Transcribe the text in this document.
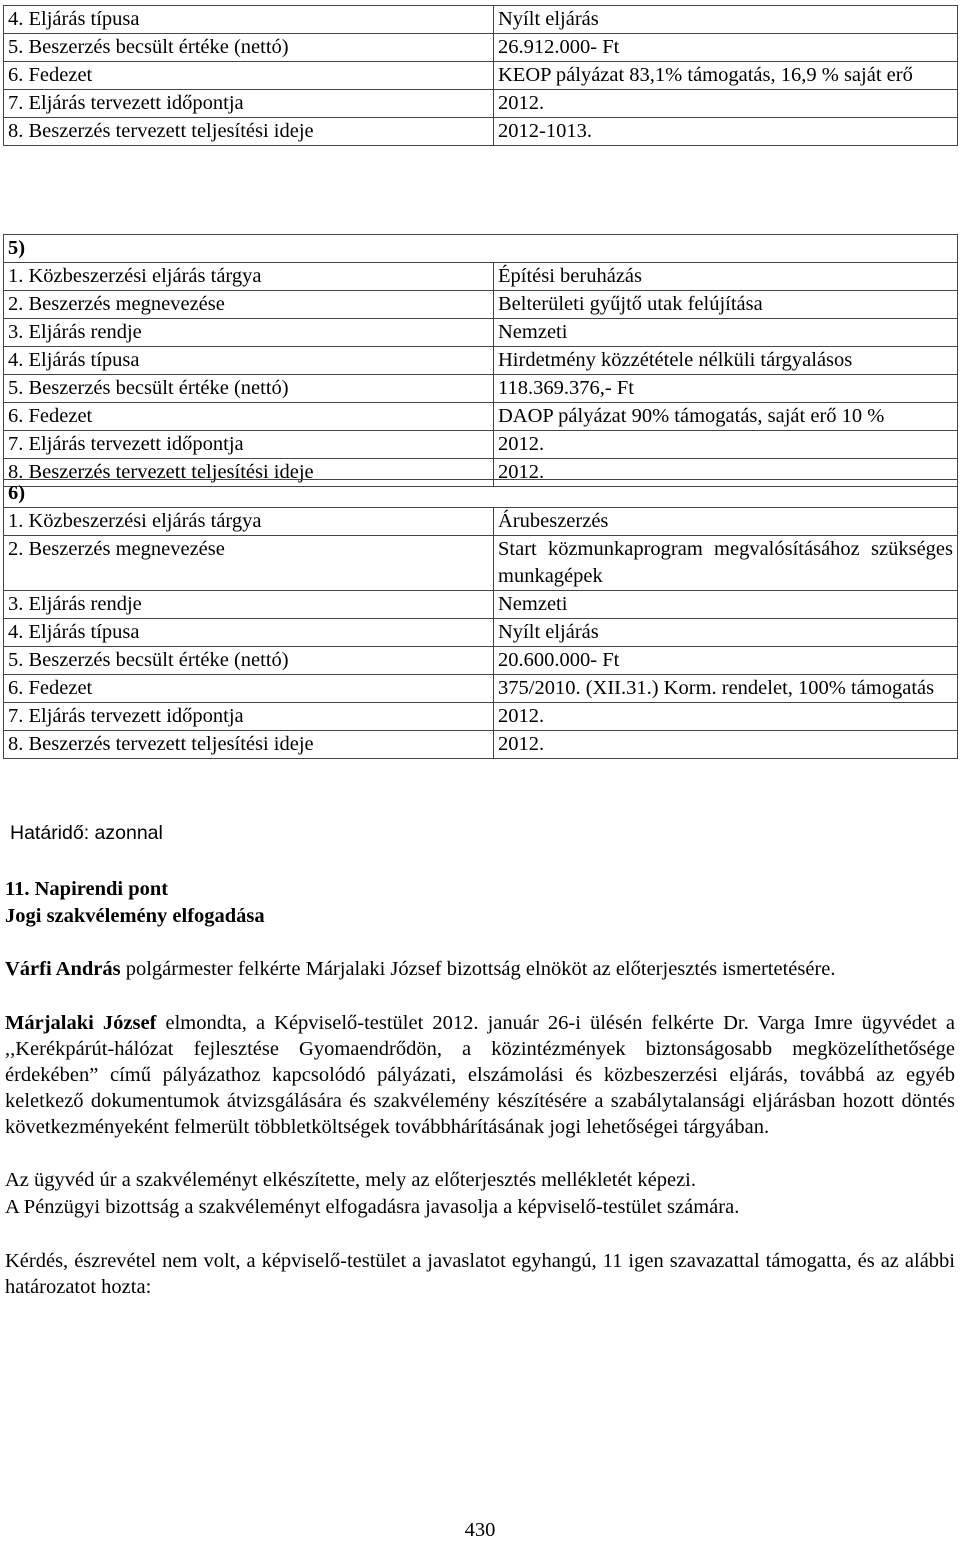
4. Eljárás típusa	Nyílt eljárás
5. Beszerzés becsült értéke (nettó)	26.912.000- Ft
6. Fedezet	KEOP pályázat 83,1% támogatás, 16,9 % saját erő
7. Eljárás tervezett időpontja	2012.
8. Beszerzés tervezett teljesítési ideje	2012-1013.
5)	
1. Közbeszerzési eljárás tárgya	Építési beruházás
2. Beszerzés megnevezése	Belterületi gyűjtő utak felújítása
3. Eljárás rendje	Nemzeti
4. Eljárás típusa	Hirdetmény közzététele nélküli tárgyalásos
5. Beszerzés becsült értéke (nettó)	118.369.376,- Ft
6. Fedezet	DAOP pályázat 90% támogatás, saját erő 10 %
7. Eljárás tervezett időpontja	2012.
8. Beszerzés tervezett teljesítési ideje	2012.
6)	
1. Közbeszerzési eljárás tárgya	Árubeszerzés
2. Beszerzés megnevezése	Start közmunkaprogram megvalósításához szükséges munkagépek
3. Eljárás rendje	Nemzeti
4. Eljárás típusa	Nyílt eljárás
5. Beszerzés becsült értéke (nettó)	20.600.000- Ft
6. Fedezet	375/2010. (XII.31.) Korm. rendelet, 100% támogatás
7. Eljárás tervezett időpontja	2012.
8. Beszerzés tervezett teljesítési ideje	2012.
Határidő: azonnal
11. Napirendi pont
Jogi szakvélemény elfogadása
Várfi András polgármester felkérte Márjalaki József bizottság elnököt az előterjesztés ismertetésére.
Márjalaki József elmondta, a Képviselő-testület 2012. január 26-i ülésén felkérte Dr. Varga Imre ügyvédet a ,,Kerékpárút-hálózat fejlesztése Gyomaendrődön, a közintézmények biztonságosabb megközelíthetősége érdekében” című pályázathoz kapcsolódó pályázati, elszámolási és közbeszerzési eljárás, továbbá az egyéb keletkező dokumentumok átvizsgálására és szakvélemény készítésére a szabálytalansági eljárásban hozott döntés következményeként felmerült többletköltségek továbbhárításának jogi lehetőségei tárgyában.
Az ügyvéd úr a szakvéleményt elkészítette, mely az előterjesztés mellékletét képezi.
A Pénzügyi bizottság a szakvéleményt elfogadásra javasolja a képviselő-testület számára.
Kérdés, észrevétel nem volt, a képviselő-testület a javaslatot egyhangú, 11 igen szavazattal támogatta, és az alábbi határozatot hozta:
430
